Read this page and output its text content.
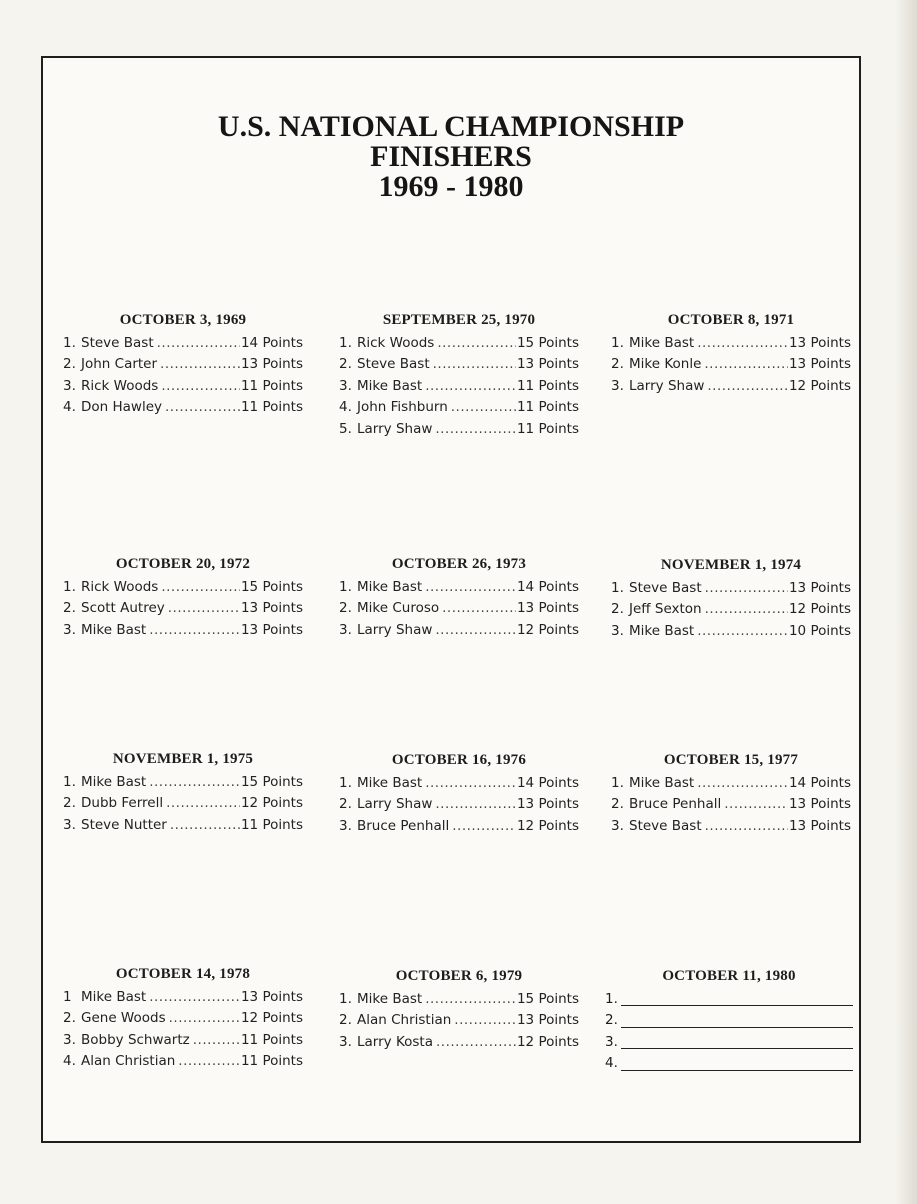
U.S. NATIONAL CHAMPIONSHIP
FINISHERS
1969 - 1980
OCTOBER 3, 1969
1. Steve Bast .....	14 Points
2. John Carter .....	13 Points
3. Rick Woods .....	11 Points
4. Don Hawley .....	11 Points
SEPTEMBER 25, 1970
1. Rick Woods .....	15 Points
2. Steve Bast .....	13 Points
3. Mike Bast .....	11 Points
4. John Fishburn .....	11 Points
5. Larry Shaw .....	11 Points
OCTOBER 8, 1971
1. Mike Bast .....	13 Points
2. Mike Konle .....	13 Points
3. Larry Shaw .....	12 Points
OCTOBER 20, 1972
1. Rick Woods .....	15 Points
2. Scott Autrey .....	13 Points
3. Mike Bast .....	13 Points
OCTOBER 26, 1973
1. Mike Bast .....	14 Points
2. Mike Curoso .....	13 Points
3. Larry Shaw .....	12 Points
NOVEMBER 1, 1974
1. Steve Bast .....	13 Points
2. Jeff Sexton .....	12 Points
3. Mike Bast .....	10 Points
NOVEMBER 1, 1975
1. Mike Bast .....	15 Points
2. Dubb Ferrell .....	12 Points
3. Steve Nutter .....	11 Points
OCTOBER 16, 1976
1. Mike Bast .....	14 Points
2. Larry Shaw .....	13 Points
3. Bruce Penhall .....	12 Points
OCTOBER 15, 1977
1. Mike Bast .....	14 Points
2. Bruce Penhall .....	13 Points
3. Steve Bast .....	13 Points
OCTOBER 14, 1978
1 Mike Bast .....	13 Points
2. Gene Woods .....	12 Points
3. Bobby Schwartz .....	11 Points
4. Alan Christian .....	11 Points
OCTOBER 6, 1979
1. Mike Bast .....	15 Points
2. Alan Christian .....	13 Points
3. Larry Kosta .....	12 Points
OCTOBER 11, 1980
1.
2.
3.
4.
